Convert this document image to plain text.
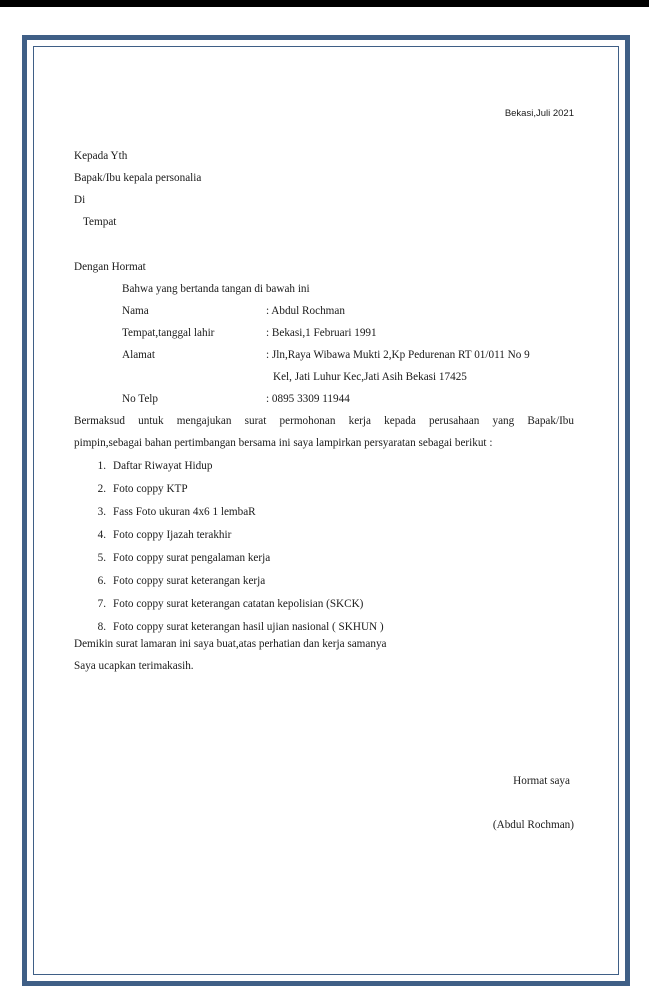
Bekasi,Juli 2021
Kepada Yth
Bapak/Ibu kepala personalia
Di
Tempat
Dengan Hormat
Bahwa yang bertanda tangan di bawah ini
Nama	: Abdul Rochman
Tempat,tanggal lahir	: Bekasi,1 Februari 1991
Alamat	: Jln,Raya Wibawa Mukti 2,Kp Pedurenan RT 01/011 No 9
Kel, Jati Luhur Kec,Jati Asih Bekasi 17425
No Telp	: 0895 3309 11944
Bermaksud untuk mengajukan surat permohonan kerja kepada perusahaan yang Bapak/Ibu
pimpin,sebagai bahan pertimbangan bersama ini saya lampirkan persyaratan sebagai berikut :
1. Daftar Riwayat Hidup
2. Foto coppy KTP
3. Fass Foto ukuran 4x6 1 lembaR
4. Foto coppy Ijazah terakhir
5. Foto coppy surat pengalaman kerja
6. Foto coppy surat keterangan kerja
7. Foto coppy surat keterangan catatan kepolisian (SKCK)
8. Foto coppy surat keterangan hasil ujian nasional ( SKHUN )
Demikin surat lamaran ini saya buat,atas perhatian dan kerja samanya
Saya ucapkan terimakasih.
Hormat saya
(Abdul Rochman)
